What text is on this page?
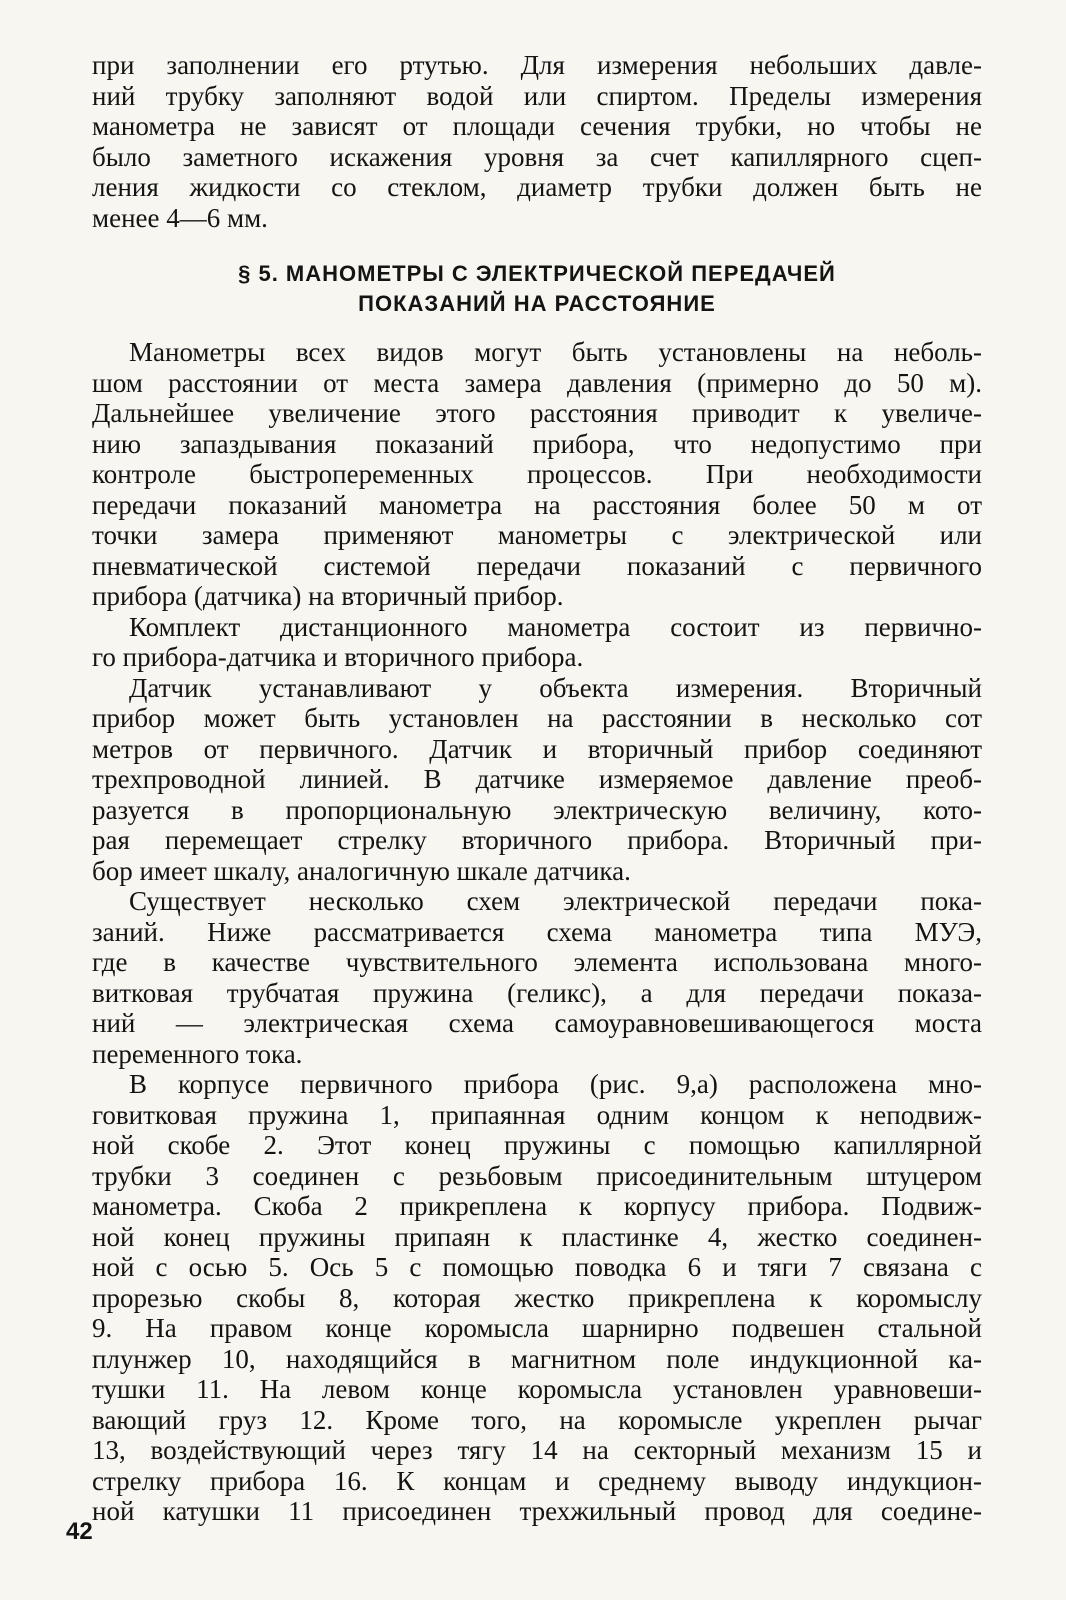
при заполнении его ртутью. Для измерения небольших давле-
ний трубку заполняют водой или спиртом. Пределы измерения
манометра не зависят от площади сечения трубки, но чтобы не
было заметного искажения уровня за счет капиллярного сцеп-
ления жидкости со стеклом, диаметр трубки должен быть не
менее 4—6 мм.
§ 5. МАНОМЕТРЫ С ЭЛЕКТРИЧЕСКОЙ ПЕРЕДАЧЕЙ
ПОКАЗАНИЙ НА РАССТОЯНИЕ
Манометры всех видов могут быть установлены на неболь-
шом расстоянии от места замера давления (примерно до 50 м).
Дальнейшее увеличение этого расстояния приводит к увеличе-
нию запаздывания показаний прибора, что недопустимо при
контроле быстропеременных процессов. При необходимости
передачи показаний манометра на расстояния более 50 м от
точки замера применяют манометры с электрической или
пневматической системой передачи показаний с первичного
прибора (датчика) на вторичный прибор.
Комплект дистанционного манометра состоит из первично-
го прибора-датчика и вторичного прибора.
Датчик устанавливают у объекта измерения. Вторичный
прибор может быть установлен на расстоянии в несколько сот
метров от первичного. Датчик и вторичный прибор соединяют
трехпроводной линией. В датчике измеряемое давление преоб-
разуется в пропорциональную электрическую величину, кото-
рая перемещает стрелку вторичного прибора. Вторичный при-
бор имеет шкалу, аналогичную шкале датчика.
Существует несколько схем электрической передачи пока-
заний. Ниже рассматривается схема манометра типа МУЭ,
где в качестве чувствительного элемента использована много-
витковая трубчатая пружина (геликс), а для передачи показа-
ний — электрическая схема самоуравновешивающегося моста
переменного тока.
В корпусе первичного прибора (рис. 9,а) расположена мно-
говитковая пружина 1, припаянная одним концом к неподвиж-
ной скобе 2. Этот конец пружины с помощью капиллярной
трубки 3 соединен с резьбовым присоединительным штуцером
манометра. Скоба 2 прикреплена к корпусу прибора. Подвиж-
ной конец пружины припаян к пластинке 4, жестко соединен-
ной с осью 5. Ось 5 с помощью поводка 6 и тяги 7 связана с
прорезью скобы 8, которая жестко прикреплена к коромыслу
9. На правом конце коромысла шарнирно подвешен стальной
плунжер 10, находящийся в магнитном поле индукционной ка-
тушки 11. На левом конце коромысла установлен уравновеши-
вающий груз 12. Кроме того, на коромысле укреплен рычаг
13, воздействующий через тягу 14 на секторный механизм 15 и
стрелку прибора 16. К концам и среднему выводу индукцион-
ной катушки 11 присоединен трехжильный провод для соедине-
42
